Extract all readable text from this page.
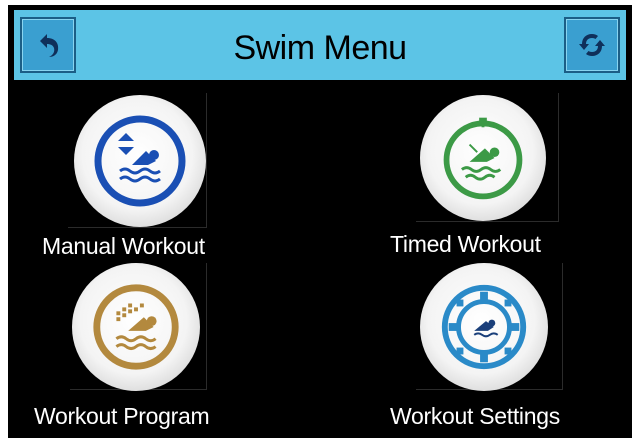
Swim Menu
Manual Workout	Timed Workout
Workout Program	Workout Settings
